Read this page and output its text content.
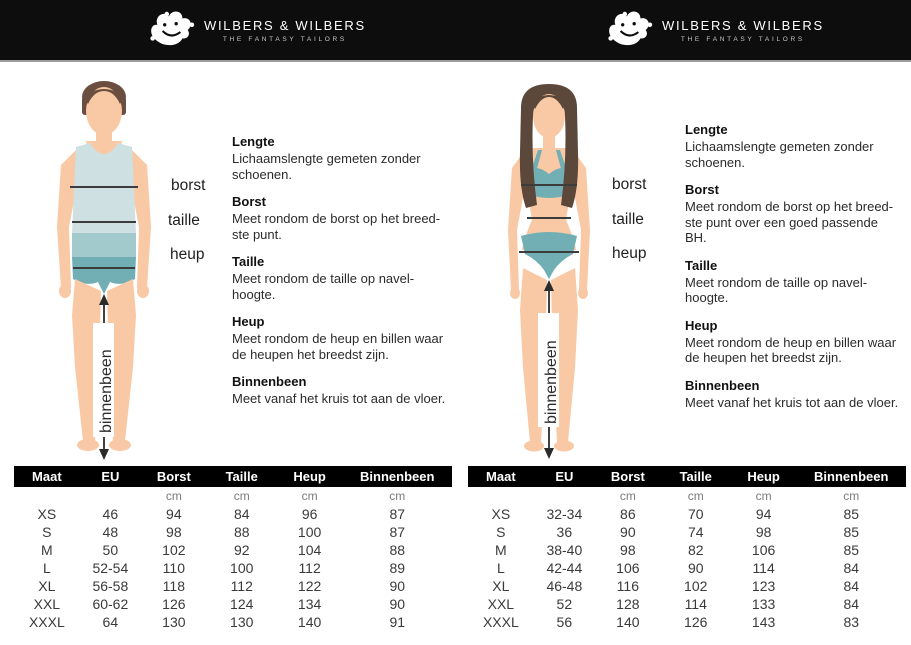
WILBERS & WILBERS
THE FANTASY TAILORS
WILBERS & WILBERS
THE FANTASY TAILORS
binnenbeen
borst
taille
heup
Lengte
Lichaamslengte gemeten zonder schoenen.
Borst
Meet rondom de borst op het breed-ste punt.
Taille
Meet rondom de taille op navel-hoogte.
Heup
Meet rondom de heup en billen waar de heupen het breedst zijn.
Binnenbeen
Meet vanaf het kruis tot aan de vloer.
Maat	EU	Borst	Taille	Heup	Binnenbeen
		cm	cm	cm	cm
XS	46	94	84	96	87
S	48	98	88	100	87
M	50	102	92	104	88
L	52-54	110	100	112	89
XL	56-58	118	112	122	90
XXL	60-62	126	124	134	90
XXXL	64	130	130	140	91
binnenbeen
borst
taille
heup
Lengte
Lichaamslengte gemeten zonder schoenen.
Borst
Meet rondom de borst op het breed-ste punt over een goed passende BH.
Taille
Meet rondom de taille op navel-hoogte.
Heup
Meet rondom de heup en billen waar de heupen het breedst zijn.
Binnenbeen
Meet vanaf het kruis tot aan de vloer.
Maat	EU	Borst	Taille	Heup	Binnenbeen
		cm	cm	cm	cm
XS	32-34	86	70	94	85
S	36	90	74	98	85
M	38-40	98	82	106	85
L	42-44	106	90	114	84
XL	46-48	116	102	123	84
XXL	52	128	114	133	84
XXXL	56	140	126	143	83
